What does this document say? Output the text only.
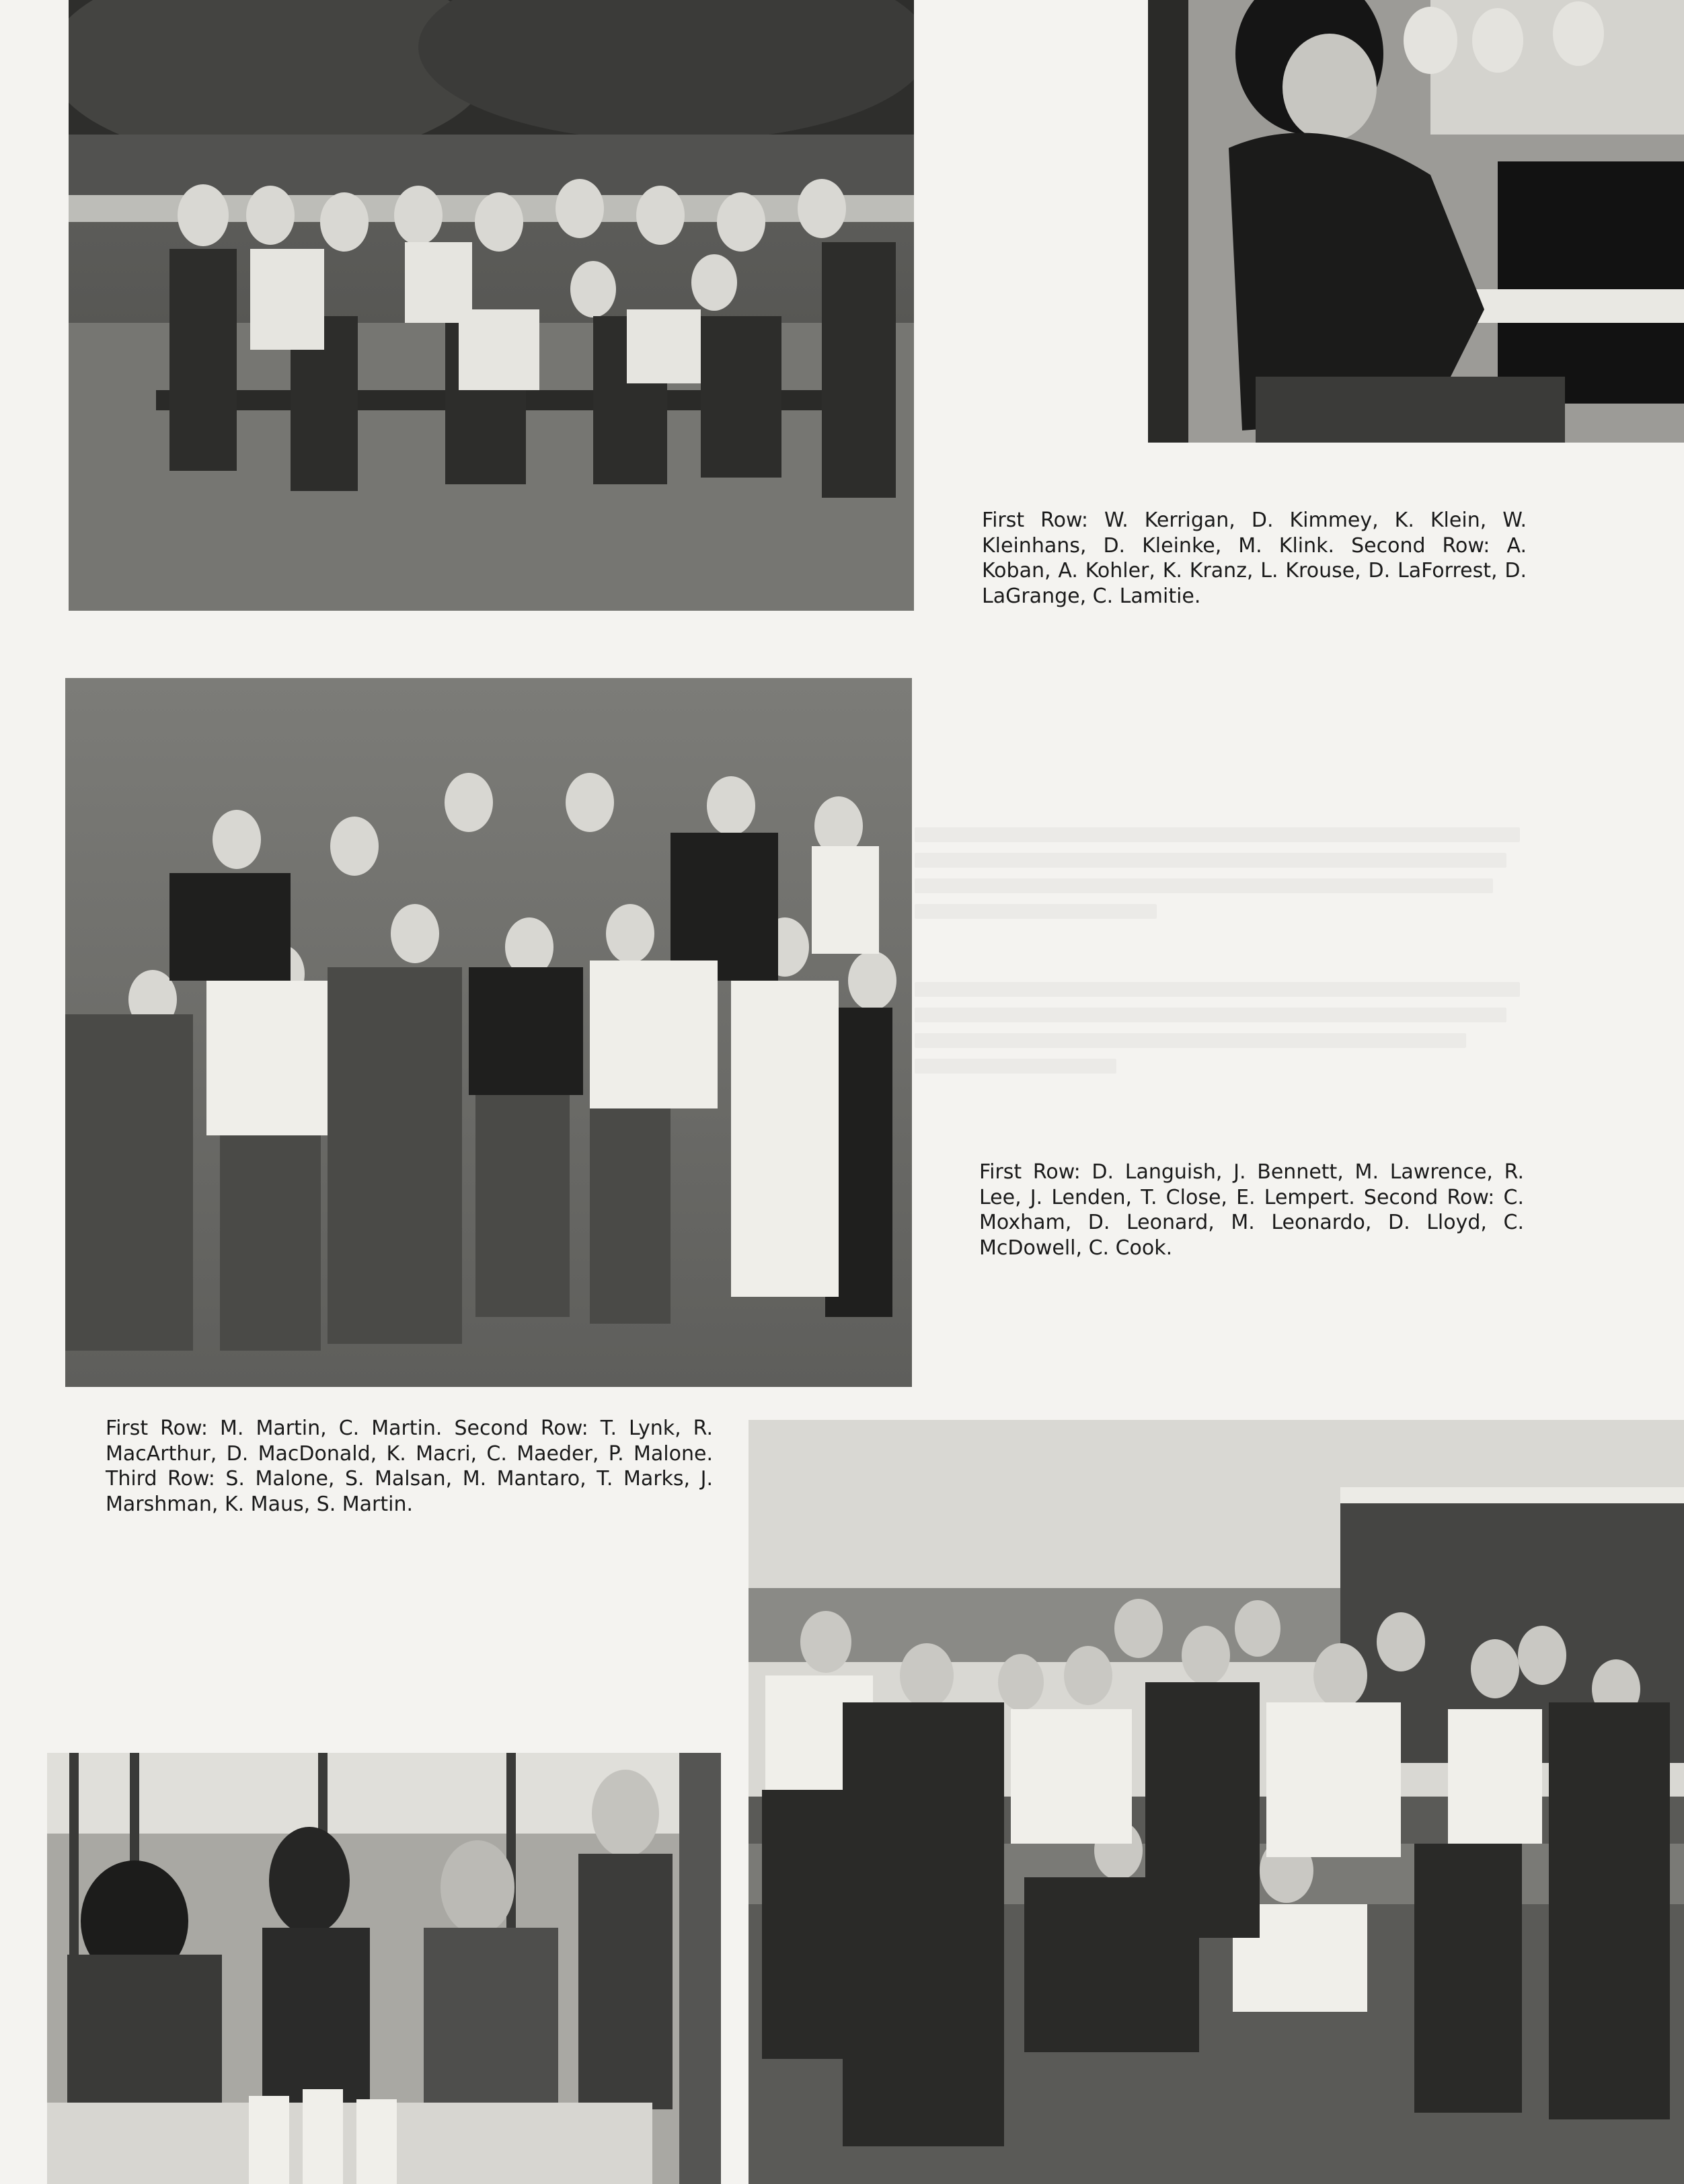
First Row: W. Kerrigan, D. Kimmey, K. Klein, W. Kleinhans, D. Kleinke, M. Klink. Second Row: A. Koban, A. Kohler, K. Kranz, L. Krouse, D. LaForrest, D. LaGrange, C. Lamitie.

First Row: D. Languish, J. Bennett, M. Lawrence, R. Lee, J. Lenden, T. Close, E. Lempert. Second Row: C. Moxham, D. Leonard, M. Leonardo, D. Lloyd, C. McDowell, C. Cook.

First Row: M. Martin, C. Martin. Second Row: T. Lynk, R. MacArthur, D. MacDonald, K. Macri, C. Maeder, P. Malone. Third Row: S. Malone, S. Malsan, M. Mantaro, T. Marks, J. Marshman, K. Maus, S. Martin.
